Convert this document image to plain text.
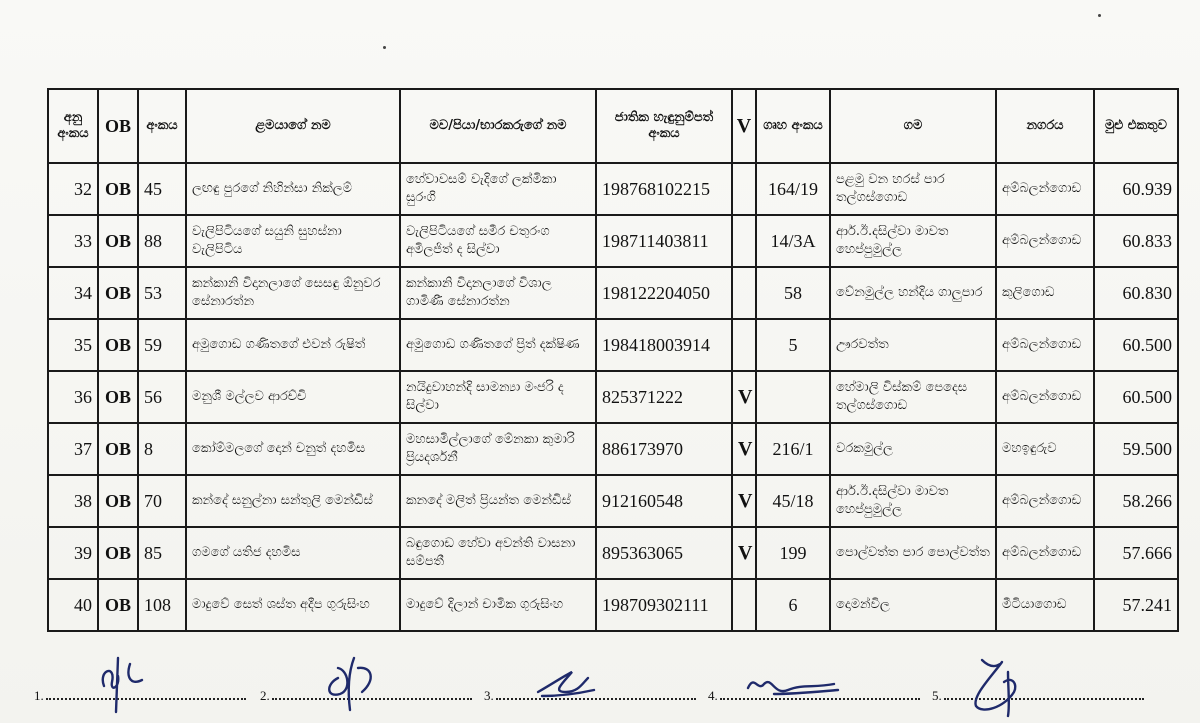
අනු අංකය	OB	අංකය	ළමයාගේ නම	මව/පියා/භාරකරුගේ නම	ජාතික හැඳුනුම්පත් අංකය	V	ගෘහ අංකය	ගම	නගරය	මුළු එකතුව
32	OB	45	ලඟඳු පුරගේ නිහින්සා නික්ලම්	හේවාවසම් වැදිගේ ලක්මිකා සුරංගි	198768102215		164/19	පළමු වන හරස් පාර තල්ගස්ගොඩ	අම්බලන්ගොඩ	60.939
33	OB	88	වැලිපිටියගේ සයුනි සුහස්නා වැලිපිටිය	වැලිපිටියගේ සමීර චතුරංග අමිලජිත් ද සිල්වා	198711403811		14/3A	ආර්.ඊ.දසිල්වා මාවත හෙප්පුමුල්ල	අම්බලන්ගොඩ	60.833
34	OB	53	කන්කානි විදානලාගේ සෙසඳු ඕනුවර සේනාරත්න	කන්කානි විදානලාගේ විශාල ගාමිණී සේනාරත්න	198122204050		58	වේනමුල්ල හන්දිය ගාලුපාර	කුලිගොඩ	60.830
35	OB	59	අමුගොඩ ගණිතගේ එවන් රුෂිත්	අමුගොඩ ගණිතගේ ප්‍රිත් දක්ෂිණ	198418003914		5	ඌරවත්ත	අම්බලන්ගොඩ	60.500
36	OB	56	මනුශී මල්ලව ආරච්චි	නයිදුවාහන්දි සාමන්‍යා මංජරි ද සිල්වා	825371222	V		හේමාලි විස්කම් පෙදෙස තල්ගස්ගොඩ	අම්බලන්ගොඩ	60.500
37	OB	8	කෝම්මලගේ දොන් චනුත් දහමිස	මහසාමිල්ලාගේ මේනකා කුමාරි ප්‍රියදර්ශනී	886173970	V	216/1	වරකමුල්ල	මහඉඳුරුව	59.500
38	OB	70	කන්දේ සනුල්නා සන්තුලි මෙන්ඩිස්	කනදේ මලිත් ප්‍රියන්ත මෙන්ඩිස්	912160548	V	45/18	ආර්.ඊ.දසිල්වා මාවත හෙප්පුමුල්ල	අම්බලන්ගොඩ	58.266
39	OB	85	ගමගේ යතිජ දහමිස	බඳුගොඩ හේවා අවන්ති වාසනා සම්පතී	895363065	V	199	පොල්වත්ත පාර පොල්වත්ත	අම්බලන්ගොඩ	57.666
40	OB	108	මාදුවේ සෙත් ශස්ත අදීප ගුරුසිංහ	මාදුවේ දිලාන් චාමික ගුරුසිංහ	198709302111		6	දොමන්විල	මීටියාගොඩ	57.241
1.	2.	3.	4.	5.
